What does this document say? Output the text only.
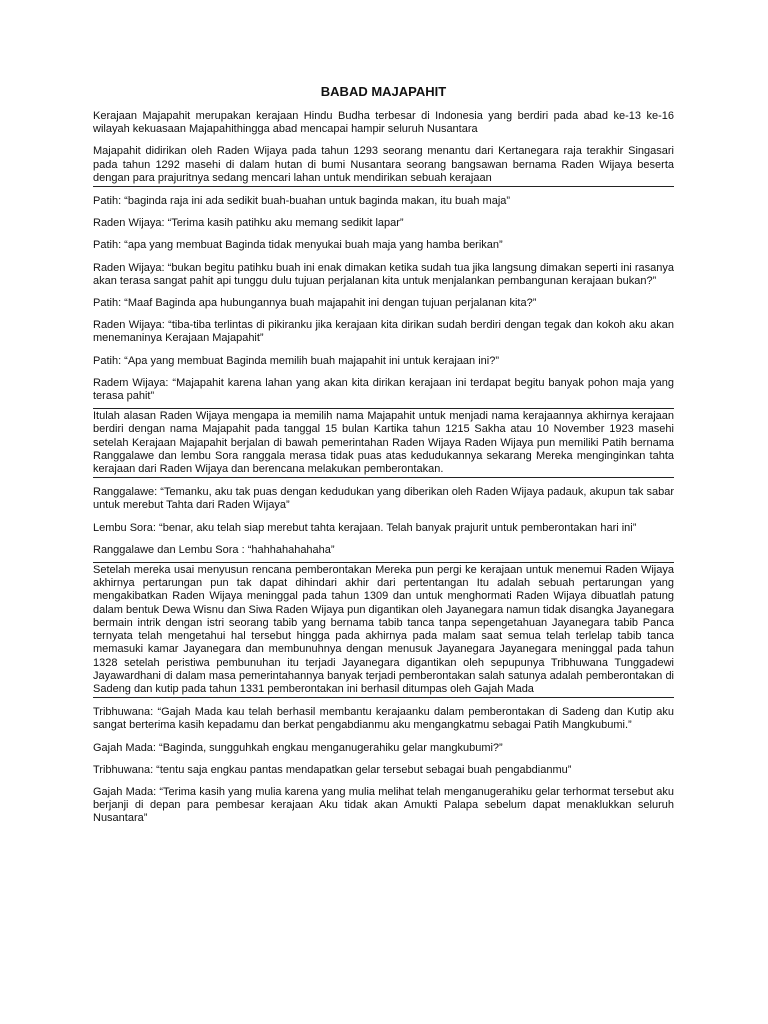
BABAD MAJAPAHIT

Kerajaan Majapahit merupakan kerajaan Hindu Budha terbesar di Indonesia yang berdiri pada abad ke-13 ke-16 wilayah kekuasaan Majapahithingga abad mencapai hampir seluruh Nusantara

Majapahit didirikan oleh Raden Wijaya pada tahun 1293 seorang menantu dari Kertanegara raja terakhir Singasari pada tahun 1292 masehi di dalam hutan di bumi Nusantara seorang bangsawan bernama Raden Wijaya beserta dengan para prajuritnya sedang mencari lahan untuk mendirikan sebuah kerajaan

Patih: “baginda raja ini ada sedikit buah-buahan untuk baginda makan, itu buah maja”

Raden Wijaya: “Terima kasih patihku aku memang sedikit lapar”

Patih: “apa yang membuat Baginda tidak menyukai buah maja yang hamba berikan”

Raden Wijaya: “bukan begitu patihku buah ini enak dimakan ketika sudah tua jika langsung dimakan seperti ini rasanya akan terasa sangat pahit api tunggu dulu tujuan perjalanan kita untuk menjalankan pembangunan kerajaan bukan?”

Patih: “Maaf Baginda apa hubungannya buah majapahit ini dengan tujuan perjalanan kita?”

Raden Wijaya: “tiba-tiba terlintas di pikiranku jika kerajaan kita dirikan sudah berdiri dengan tegak dan kokoh aku akan menemaninya Kerajaan Majapahit”

Patih: “Apa yang membuat Baginda memilih buah majapahit ini untuk kerajaan ini?”

Radem Wijaya: “Majapahit karena lahan yang akan kita dirikan kerajaan ini terdapat begitu banyak pohon maja yang terasa pahit”

Itulah alasan Raden Wijaya mengapa ia memilih nama Majapahit untuk menjadi nama kerajaannya akhirnya kerajaan berdiri dengan nama Majapahit pada tanggal 15 bulan Kartika tahun 1215 Sakha atau 10 November 1923 masehi setelah Kerajaan Majapahit berjalan di bawah pemerintahan Raden Wijaya Raden Wijaya pun memiliki Patih bernama Ranggalawe dan lembu Sora ranggala merasa tidak puas atas kedudukannya sekarang Mereka menginginkan tahta kerajaan dari Raden Wijaya dan berencana melakukan pemberontakan.

Ranggalawe: “Temanku, aku tak puas dengan kedudukan yang diberikan oleh Raden Wijaya padauk, akupun tak sabar untuk merebut Tahta dari Raden Wijaya”

Lembu Sora: “benar, aku telah siap merebut tahta kerajaan. Telah banyak prajurit untuk pemberontakan hari ini”

Ranggalawe dan Lembu Sora : “hahhahahahaha”

Setelah mereka usai menyusun rencana pemberontakan Mereka pun pergi ke kerajaan untuk menemui Raden Wijaya akhirnya pertarungan pun tak dapat dihindari akhir dari pertentangan Itu adalah sebuah pertarungan yang mengakibatkan Raden Wijaya meninggal pada tahun 1309 dan untuk menghormati Raden Wijaya dibuatlah patung dalam bentuk Dewa Wisnu dan Siwa Raden Wijaya pun digantikan oleh Jayanegara namun tidak disangka Jayanegara bermain intrik dengan istri seorang tabib yang bernama tabib tanca tanpa sepengetahuan Jayanegara tabib Panca ternyata telah mengetahui hal tersebut hingga pada akhirnya pada malam saat semua telah terlelap tabib tanca memasuki kamar Jayanegara dan membunuhnya dengan menusuk Jayanegara Jayanegara meninggal pada tahun 1328 setelah peristiwa pembunuhan itu terjadi Jayanegara digantikan oleh sepupunya Tribhuwana Tunggadewi Jayawardhani di dalam masa pemerintahannya banyak terjadi pemberontakan salah satunya adalah pemberontakan di Sadeng dan kutip pada tahun 1331 pemberontakan ini berhasil ditumpas oleh Gajah Mada

Tribhuwana: “Gajah Mada kau telah berhasil membantu kerajaanku dalam pemberontakan di Sadeng dan Kutip aku sangat berterima kasih kepadamu dan berkat pengabdianmu aku mengangkatmu sebagai Patih Mangkubumi.”

Gajah Mada: “Baginda, sungguhkah engkau menganugerahiku gelar mangkubumi?”

Tribhuwana: “tentu saja engkau pantas mendapatkan gelar tersebut sebagai buah pengabdianmu”

Gajah Mada: “Terima kasih yang mulia karena yang mulia melihat telah menganugerahiku gelar terhormat tersebut aku berjanji di depan para pembesar kerajaan Aku tidak akan Amukti Palapa sebelum dapat menaklukkan seluruh Nusantara”
